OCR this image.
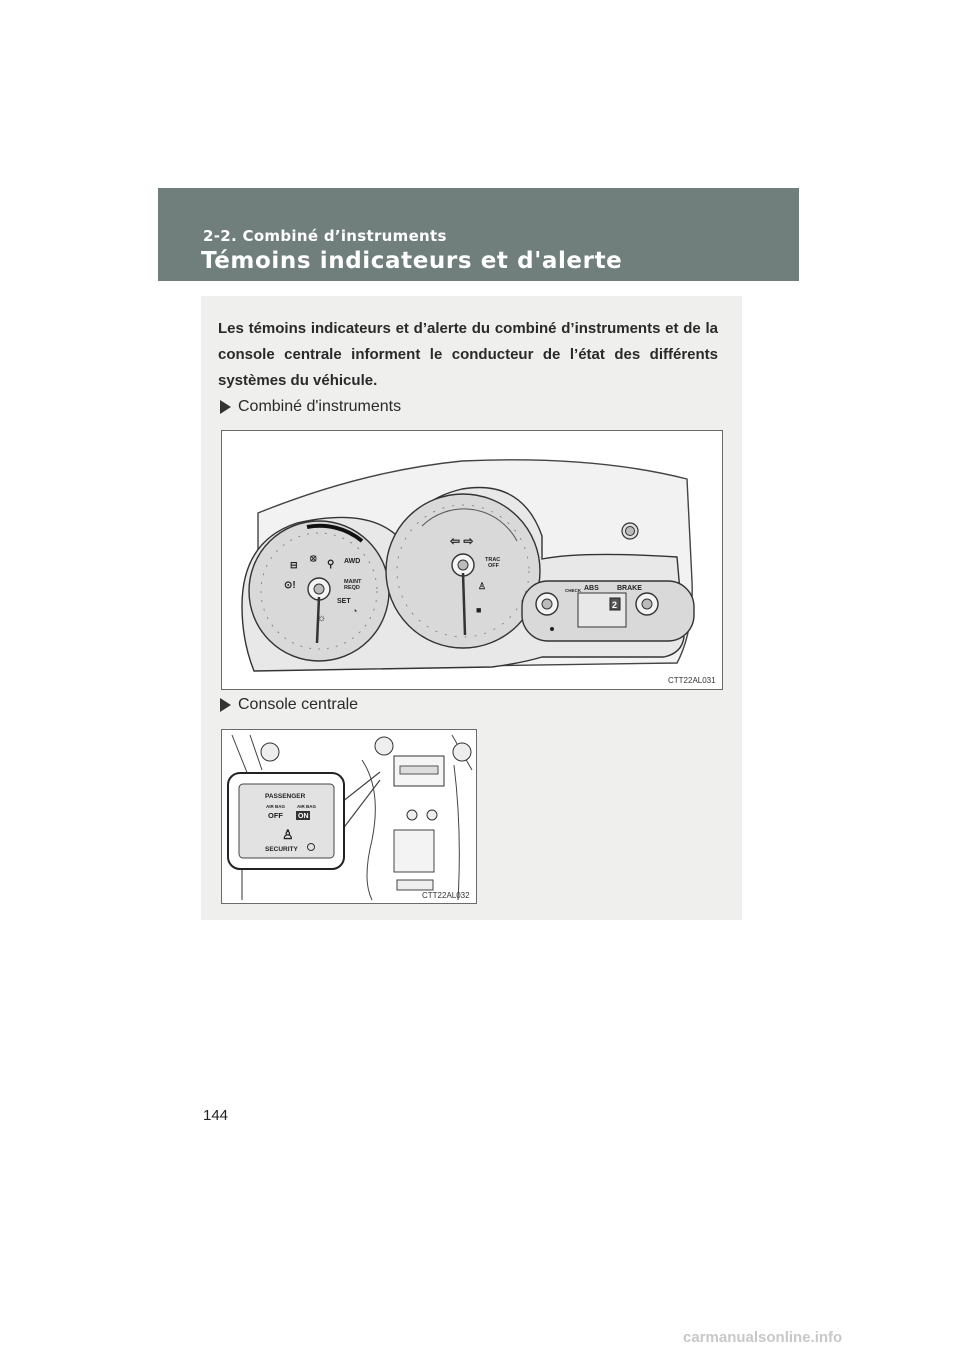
2-2. Combiné d’instruments
Témoins indicateurs et d'alerte
Les témoins indicateurs et d’alerte du combiné d’instruments et de la console centrale informent le conducteur de l’état des différents systèmes du véhicule.
Combiné d'instruments
AWD
MAINT
REQD
SET
⊙!
⦻
⚲
⊟
☼
◔
⇦ ⇨
TRAC
OFF
♙
■	2
CHECK ABS	BRAKE
CTT22AL031
Console centrale
PASSENGER
AIR BAG	AIR BAG
OFF ON
♙
SECURITY
CTT22AL032
144
carmanualsonline.info
